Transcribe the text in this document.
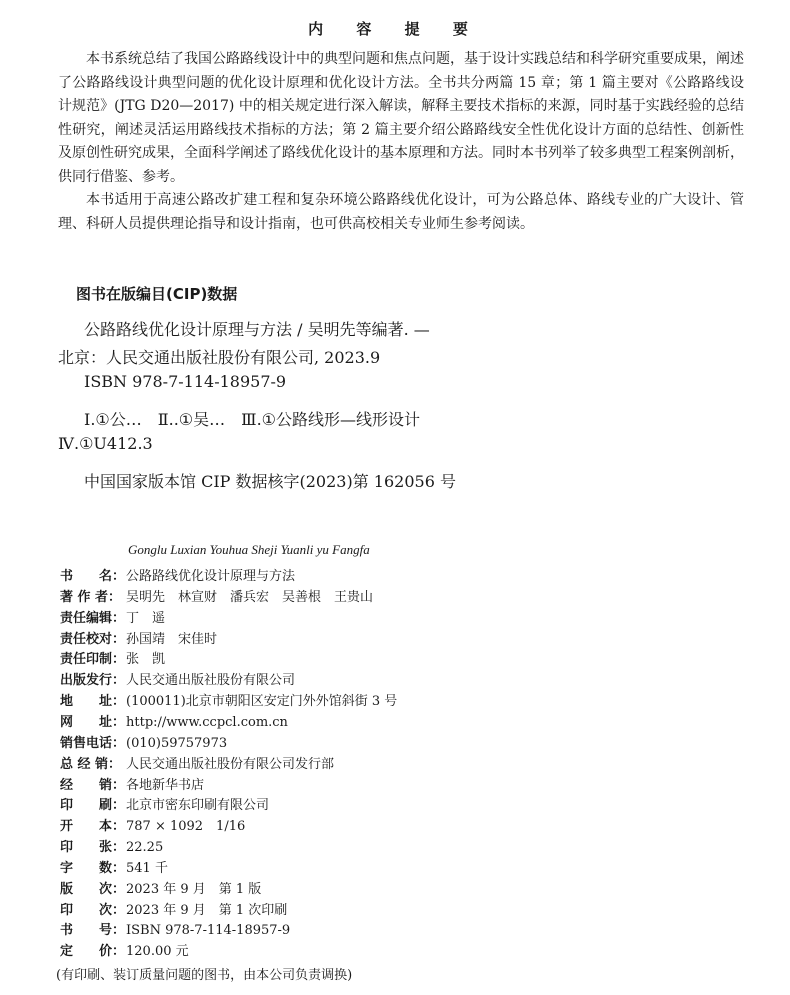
内 容 提 要

本书系统总结了我国公路路线设计中的典型问题和焦点问题，基于设计实践总结和科学研究重要成果，阐述了公路路线设计典型问题的优化设计原理和优化设计方法。全书共分两篇 15 章；第 1 篇主要对《公路路线设计规范》(JTG D20—2017) 中的相关规定进行深入解读，解释主要技术指标的来源，同时基于实践经验的总结性研究，阐述灵活运用路线技术指标的方法；第 2 篇主要介绍公路路线安全性优化设计方面的总结性、创新性及原创性研究成果，全面科学阐述了路线优化设计的基本原理和方法。同时本书列举了较多典型工程案例剖析，供同行借鉴、参考。

本书适用于高速公路改扩建工程和复杂环境公路路线优化设计，可为公路总体、路线专业的广大设计、管理、科研人员提供理论指导和设计指南，也可供高校相关专业师生参考阅读。

图书在版编目(CIP)数据
公路路线优化设计原理与方法 / 吴明先等编著. —
北京：人民交通出版社股份有限公司, 2023.9
ISBN 978-7-114-18957-9
Ⅰ.①公…　Ⅱ..①吴…　Ⅲ.①公路线形—线形设计
Ⅳ.①U412.3
中国国家版本馆 CIP 数据核字(2023)第 162056 号
Gonglu Luxian Youhua Sheji Yuanli yu Fangfa
书　　名：公路路线优化设计原理与方法
著 作 者： 吴明先　林宣财　潘兵宏　吴善根　王贵山
责任编辑：丁　遥
责任校对：孙国靖　宋佳时
责任印制：张　凯
出版发行：人民交通出版社股份有限公司
地　　址：(100011)北京市朝阳区安定门外外馆斜街 3 号
网　　址：http://www.ccpcl.com.cn
销售电话：(010)59757973
总 经 销： 人民交通出版社股份有限公司发行部
经　　销：各地新华书店
印　　刷：北京市密东印刷有限公司
开　　本：787 × 1092　1/16
印　　张：22.25
字　　数：541 千
版　　次：2023 年 9 月　第 1 版
印　　次：2023 年 9 月　第 1 次印刷
书　　号：ISBN 978-7-114-18957-9
定　　价：120.00 元
(有印刷、装订质量问题的图书，由本公司负责调换)
